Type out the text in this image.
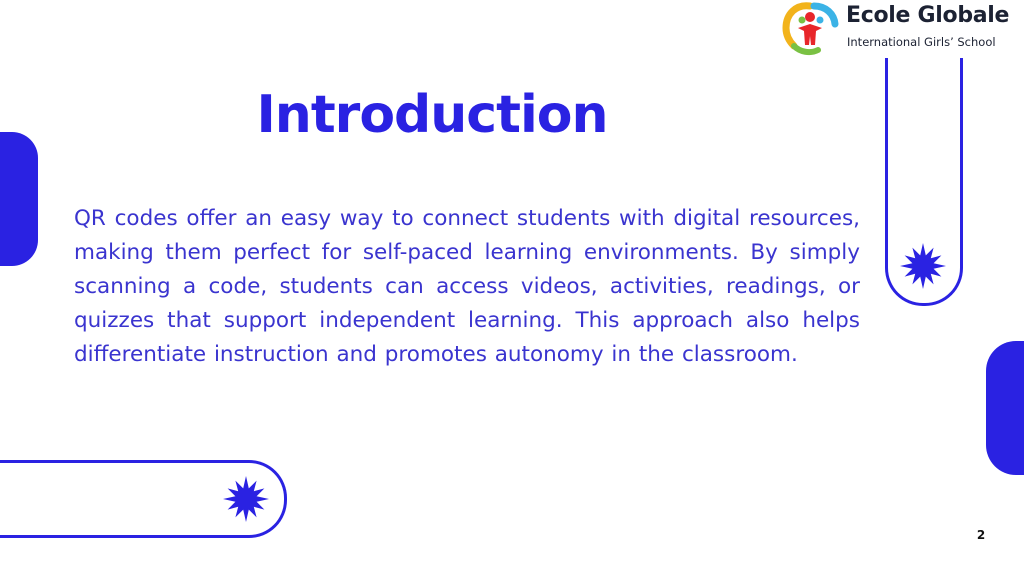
Ecole Globale
International Girls’ School
Introduction
QR codes offer an easy way to connect students with digital resources, making them perfect for self-paced learning environments. By simply scanning a code, students can access videos, activities, readings, or quizzes that support independent learning. This approach also helps differentiate instruction and promotes autonomy in the classroom.
2
